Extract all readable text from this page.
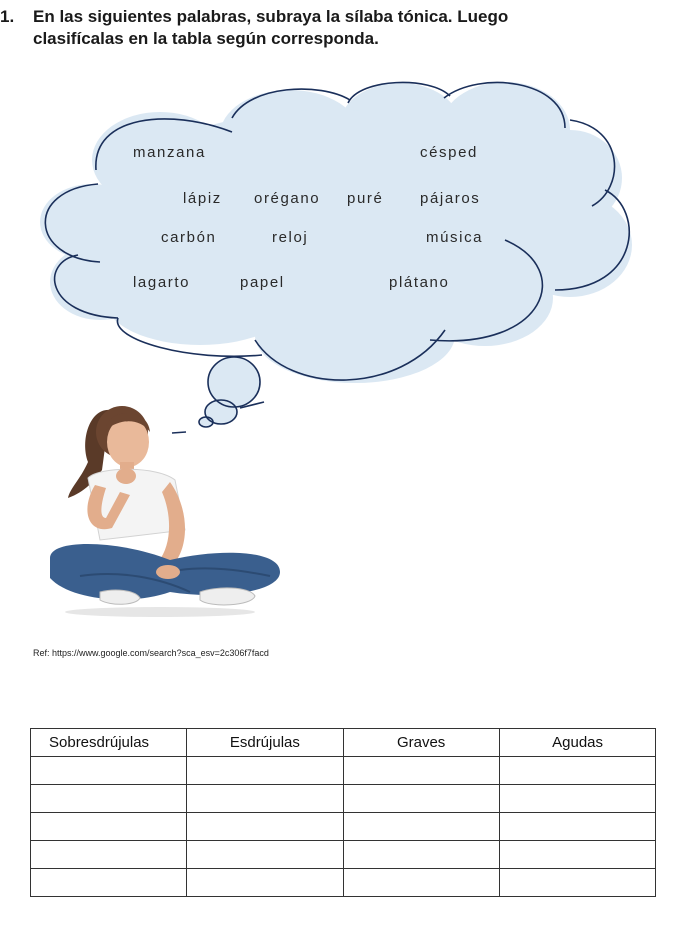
1. En las siguientes palabras, subraya la sílaba tónica. Luego
clasifícalas en la tabla según corresponda.
manzana	césped
lápiz orégano puré pájaros
carbón	reloj	música
lagarto	papel	plátano
Ref: https://www.google.com/search?sca_esv=2c306f7facd
Sobresdrújulas	Esdrújulas	Graves	Agudas
